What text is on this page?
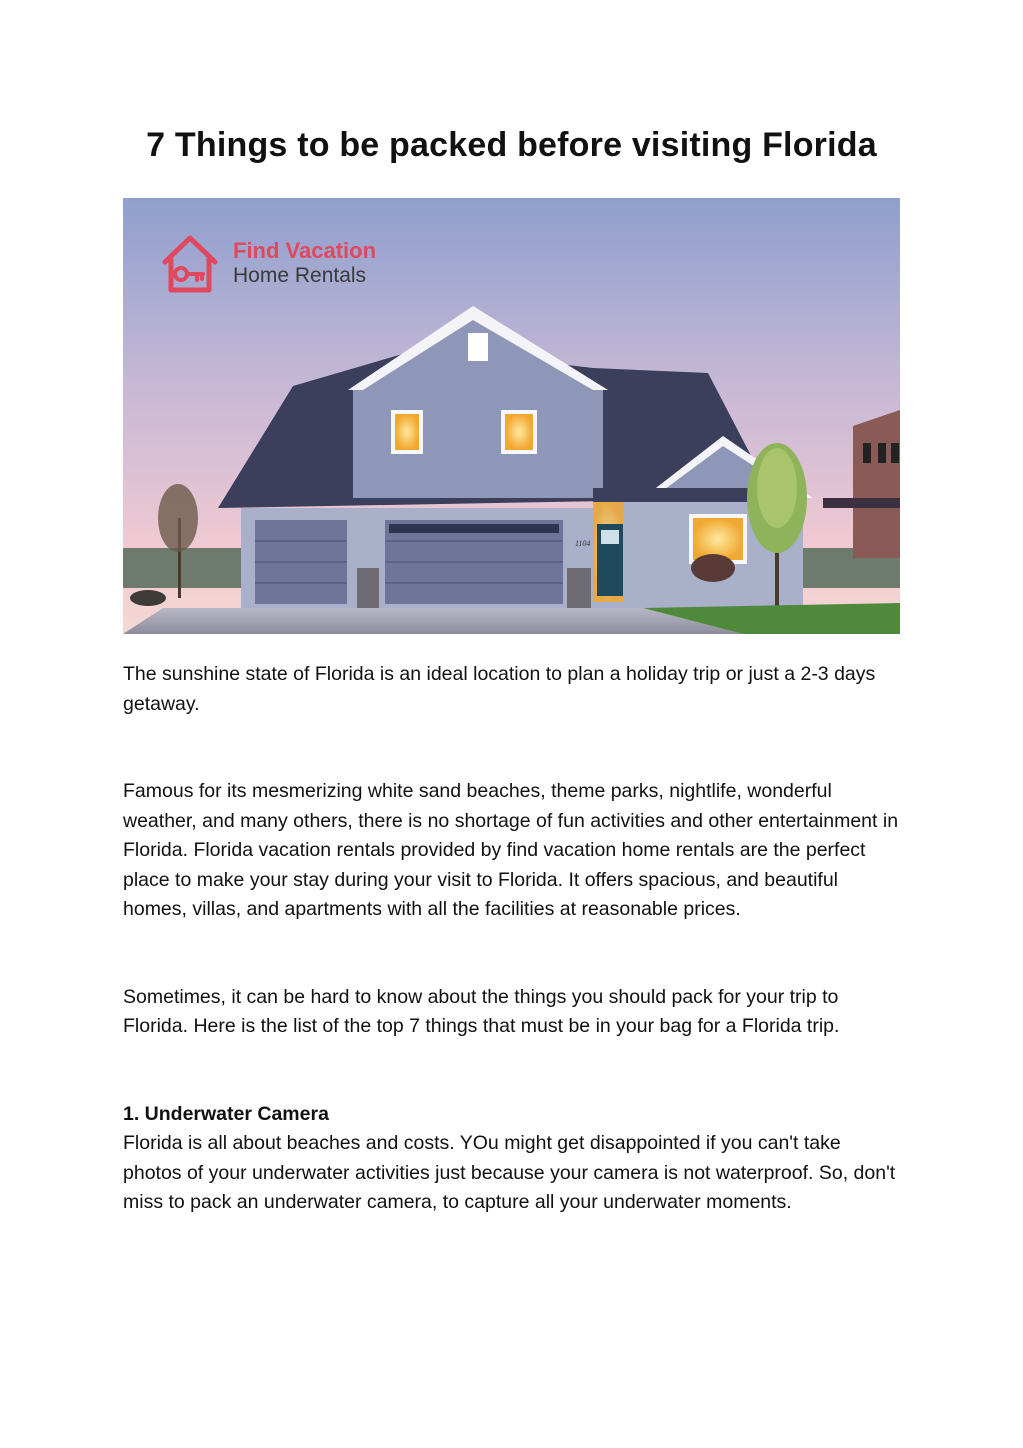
7 Things to be packed before visiting Florida
1104
Find Vacation
Home Rentals

The sunshine state of Florida is an ideal location to plan a holiday trip or just a 2-3 days getaway.

Famous for its mesmerizing white sand beaches, theme parks, nightlife, wonderful weather, and many others, there is no shortage of fun activities and other entertainment in Florida. Florida vacation rentals provided by find vacation home rentals are the perfect place to make your stay during your visit to Florida. It offers spacious, and beautiful homes, villas, and apartments with all the facilities at reasonable prices.

Sometimes, it can be hard to know about the things you should pack for your trip to Florida. Here is the list of the top 7 things that must be in your bag for a Florida trip.

1. Underwater Camera

Florida is all about beaches and costs. YOu might get disappointed if you can't take photos of your underwater activities just because your camera is not waterproof. So, don't miss to pack an underwater camera, to capture all your underwater moments.
